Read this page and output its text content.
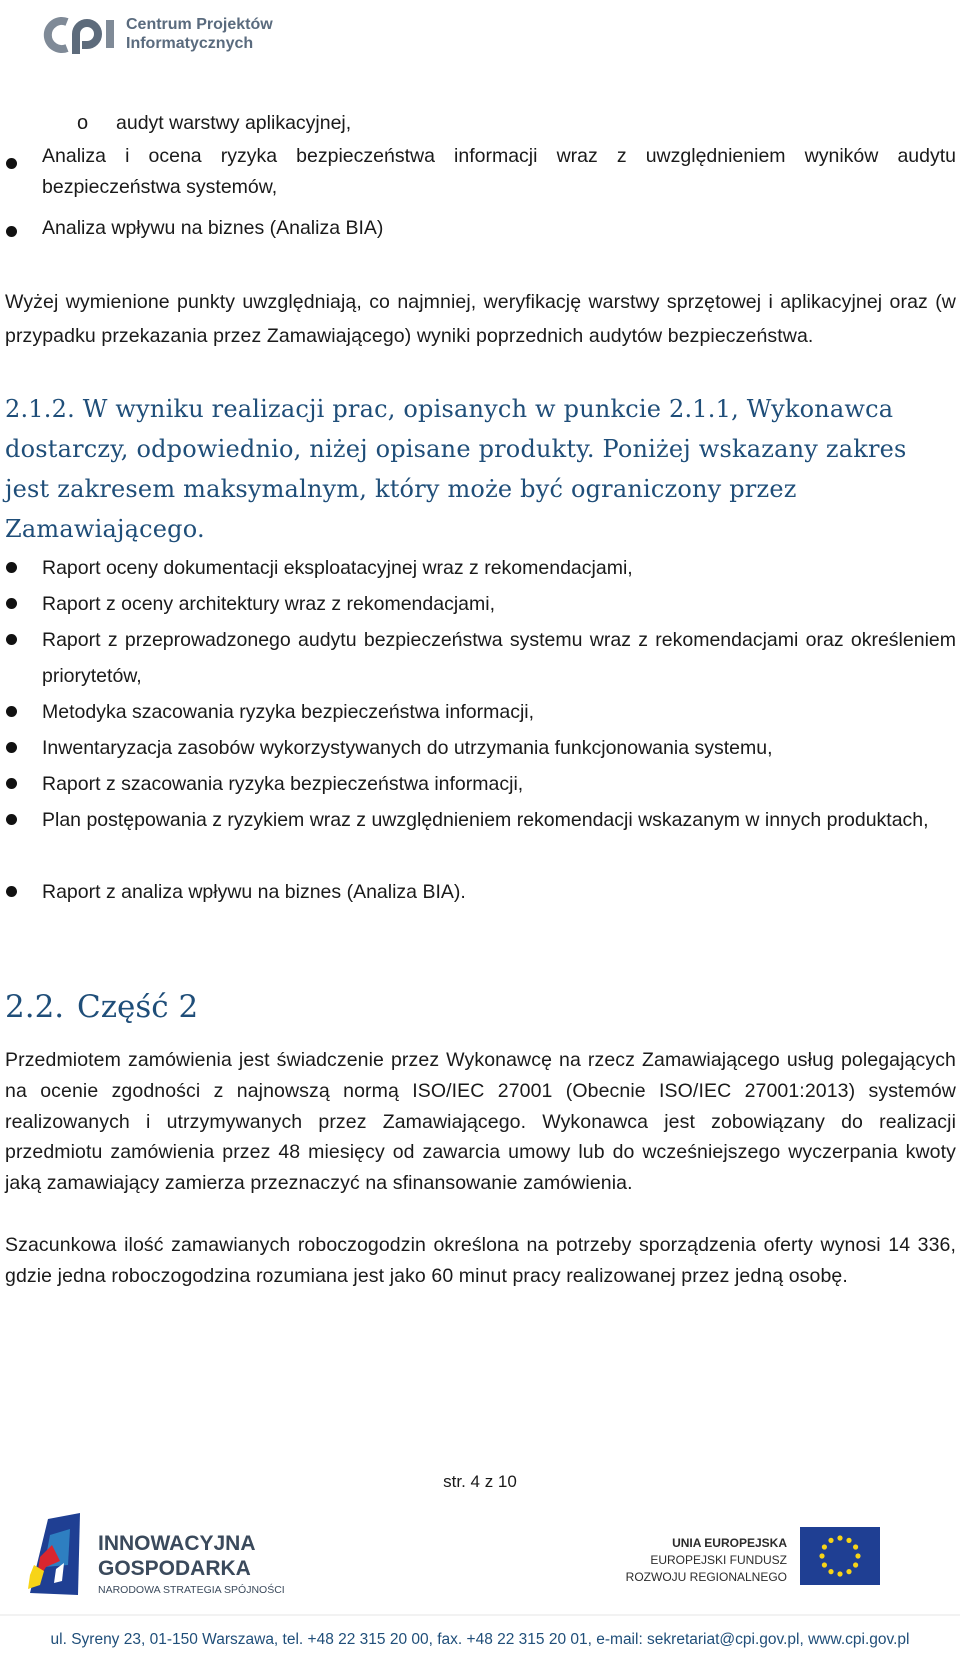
Centrum Projektów
Informatycznych
o audyt warstwy aplikacyjnej,
Analiza i ocena ryzyka bezpieczeństwa informacji wraz z uwzględnieniem wyników audytu bezpieczeństwa systemów,
Analiza wpływu na biznes (Analiza BIA)
Wyżej wymienione punkty uwzględniają, co najmniej, weryfikację warstwy sprzętowej i aplikacyjnej oraz (w przypadku przekazania przez Zamawiającego) wyniki poprzednich audytów bezpieczeństwa.
2.1.2. W wyniku realizacji prac, opisanych w punkcie 2.1.1, Wykonawca dostarczy, odpowiednio, niżej opisane produkty. Poniżej wskazany zakres jest zakresem maksymalnym, który może być ograniczony przez Zamawiającego.
Raport oceny dokumentacji eksploatacyjnej wraz z rekomendacjami,
Raport z oceny architektury wraz z rekomendacjami,
Raport z przeprowadzonego audytu bezpieczeństwa systemu wraz z rekomendacjami oraz określeniem priorytetów,
Metodyka szacowania ryzyka bezpieczeństwa informacji,
Inwentaryzacja zasobów wykorzystywanych do utrzymania funkcjonowania systemu,
Raport z szacowania ryzyka bezpieczeństwa informacji,
Plan postępowania z ryzykiem wraz z uwzględnieniem rekomendacji wskazanym w innych produktach,
Raport z analiza wpływu na biznes (Analiza BIA).
2.2. Część 2
Przedmiotem zamówienia jest świadczenie przez Wykonawcę na rzecz Zamawiającego usług polegających na ocenie zgodności z najnowszą normą ISO/IEC 27001 (Obecnie ISO/IEC 27001:2013) systemów realizowanych i utrzymywanych przez Zamawiającego. Wykonawca jest zobowiązany do realizacji przedmiotu zamówienia przez 48 miesięcy od zawarcia umowy lub do wcześniejszego wyczerpania kwoty jaką zamawiający zamierza przeznaczyć na sfinansowanie zamówienia.
Szacunkowa ilość zamawianych roboczogodzin określona na potrzeby sporządzenia oferty wynosi 14 336, gdzie jedna roboczogodzina rozumiana jest jako 60 minut pracy realizowanej przez jedną osobę.
str. 4 z 10
INNOWACYJNA
GOSPODARKA
NARODOWA STRATEGIA SPÓJNOŚCI
UNIA EUROPEJSKA
EUROPEJSKI FUNDUSZ
ROZWOJU REGIONALNEGO
ul. Syreny 23, 01-150 Warszawa, tel. +48 22 315 20 00, fax. +48 22 315 20 01, e-mail: sekretariat@cpi.gov.pl, www.cpi.gov.pl
